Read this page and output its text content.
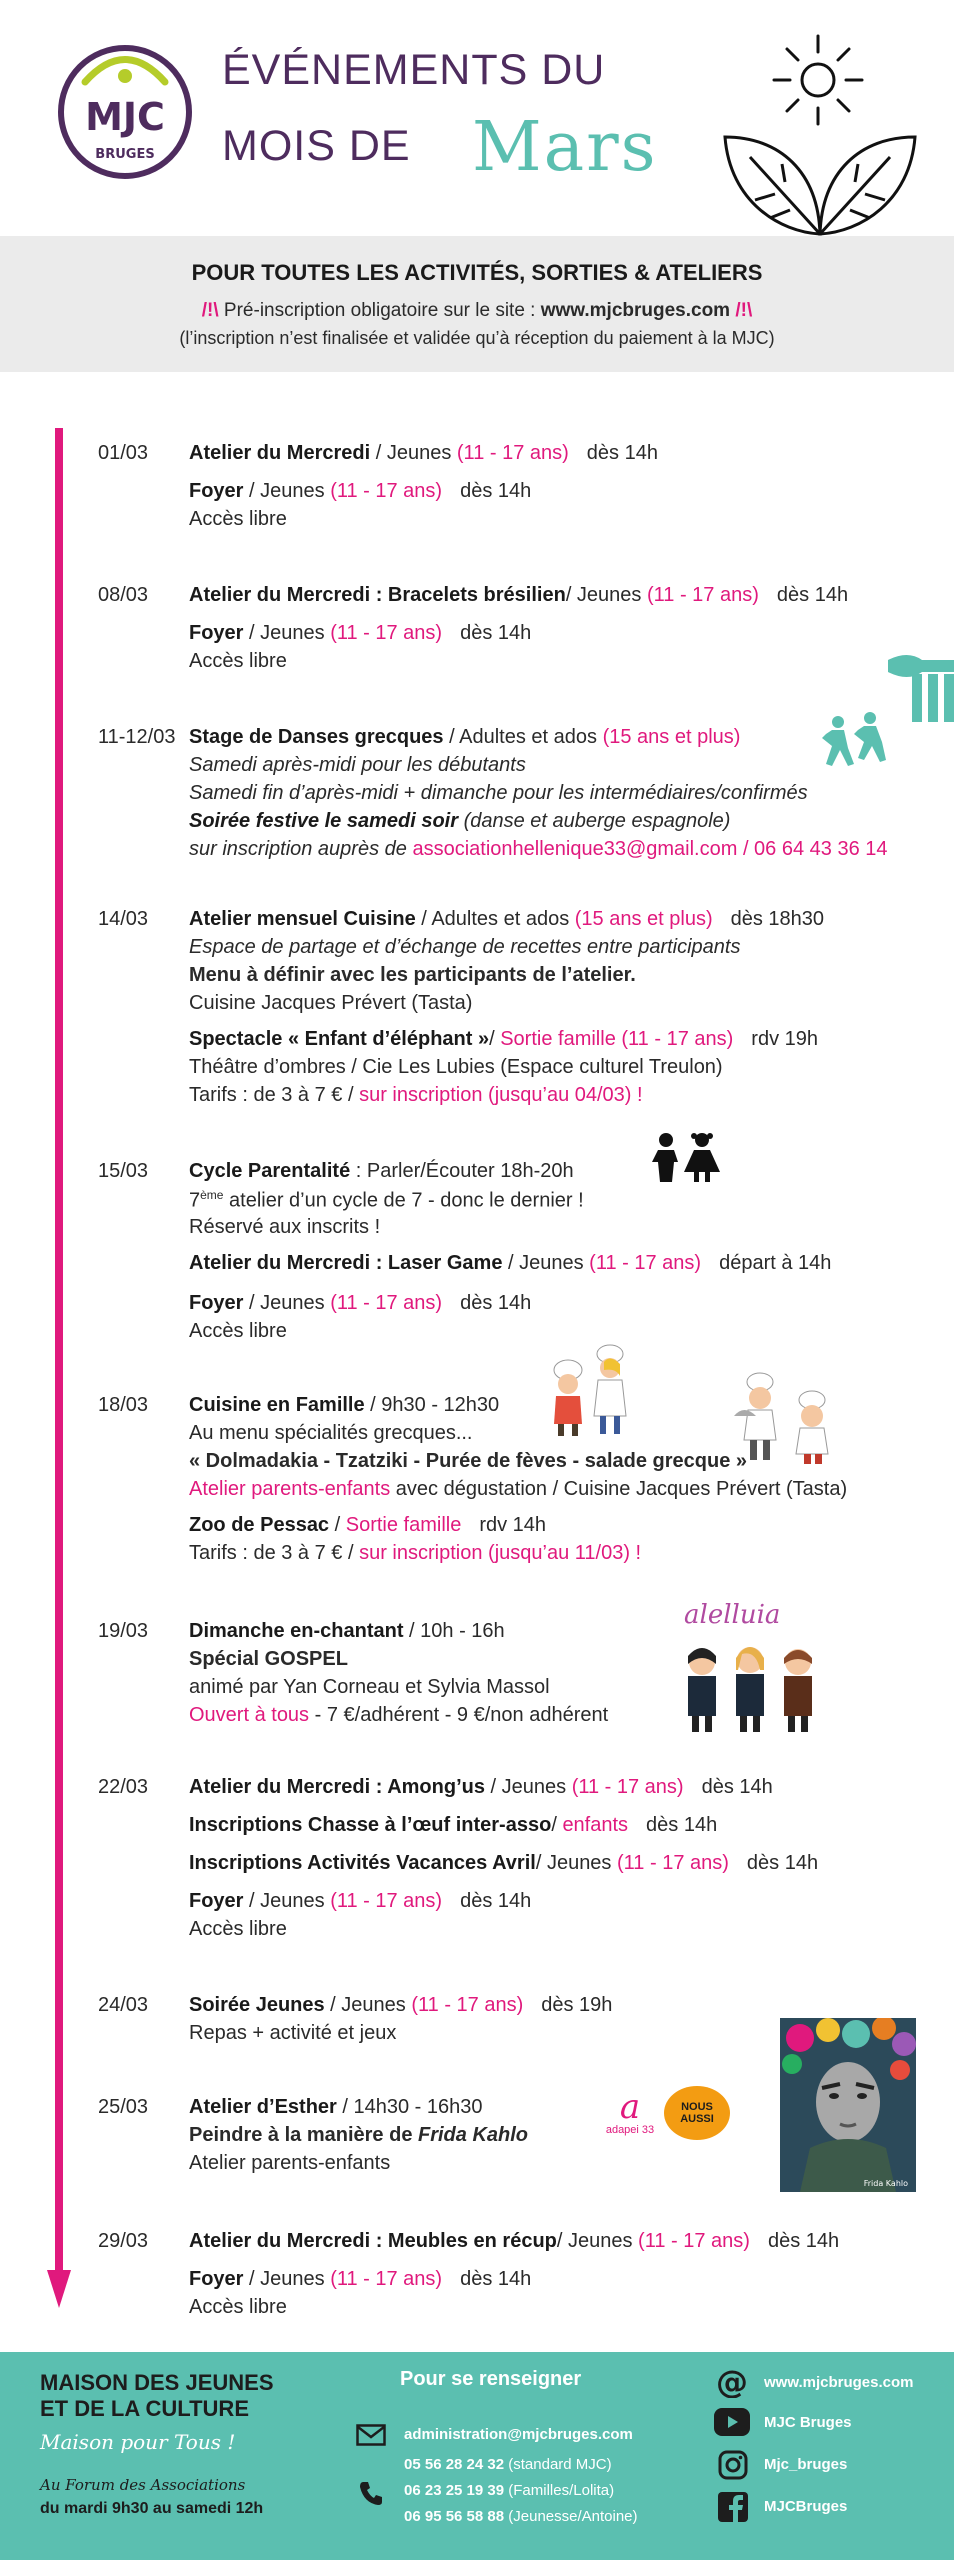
MJC
BRUGES
ÉVÉNEMENTS DU
MOIS DE Mars
POUR TOUTES LES ACTIVITÉS, SORTIES & ATELIERS
/!\ Pré-inscription obligatoire sur le site : www.mjcbruges.com /!\
(l’inscription n’est finalisée et validée qu’à réception du paiement à la MJC)
01/03 Atelier du Mercredi / Jeunes (11 - 17 ans) dès 14h
Foyer / Jeunes (11 - 17 ans) dès 14h
Accès libre
08/03 Atelier du Mercredi : Bracelets brésilien/ Jeunes (11 - 17 ans) dès 14h
Foyer / Jeunes (11 - 17 ans) dès 14h
Accès libre
11-12/03 Stage de Danses grecques / Adultes et ados (15 ans et plus)
Samedi après-midi pour les débutants
Samedi fin d’après-midi + dimanche pour les intermédiaires/confirmés
Soirée festive le samedi soir (danse et auberge espagnole)
sur inscription auprès de associationhellenique33@gmail.com / 06 64 43 36 14
14/03 Atelier mensuel Cuisine / Adultes et ados (15 ans et plus) dès 18h30
Espace de partage et d’échange de recettes entre participants
Menu à définir avec les participants de l’atelier.
Cuisine Jacques Prévert (Tasta)
Spectacle « Enfant d’éléphant »/ Sortie famille (11 - 17 ans) rdv 19h
Théâtre d’ombres / Cie Les Lubies (Espace culturel Treulon)
Tarifs : de 3 à 7 € / sur inscription (jusqu’au 04/03) !
15/03 Cycle Parentalité : Parler/Écouter 18h-20h
7ème atelier d’un cycle de 7 - donc le dernier !
Réservé aux inscrits !
Atelier du Mercredi : Laser Game / Jeunes (11 - 17 ans) départ à 14h
Foyer / Jeunes (11 - 17 ans) dès 14h
Accès libre
18/03 Cuisine en Famille / 9h30 - 12h30
Au menu spécialités grecques...
« Dolmadakia - Tzatziki - Purée de fèves - salade grecque »
Atelier parents-enfants avec dégustation / Cuisine Jacques Prévert (Tasta)
Zoo de Pessac / Sortie famille rdv 14h
Tarifs : de 3 à 7 € / sur inscription (jusqu’au 11/03) !
19/03 Dimanche en-chantant / 10h - 16h
Spécial GOSPEL
animé par Yan Corneau et Sylvia Massol
Ouvert à tous - 7 €/adhérent - 9 €/non adhérent
alelluia
22/03 Atelier du Mercredi : Among’us / Jeunes (11 - 17 ans) dès 14h
Inscriptions Chasse à l’œuf inter-asso/ enfants dès 14h
Inscriptions Activités Vacances Avril/ Jeunes (11 - 17 ans) dès 14h
Foyer / Jeunes (11 - 17 ans) dès 14h
Accès libre
24/03 Soirée Jeunes / Jeunes (11 - 17 ans) dès 19h
Repas + activité et jeux
25/03 Atelier d’Esther / 14h30 - 16h30
Peindre à la manière de Frida Kahlo
Atelier parents-enfants
a
adapei 33
NOUS AUSSI
Frida Kahlo
29/03 Atelier du Mercredi : Meubles en récup/ Jeunes (11 - 17 ans) dès 14h
Foyer / Jeunes (11 - 17 ans) dès 14h
Accès libre
MAISON DES JEUNES
ET DE LA CULTURE
Maison pour Tous !
Au Forum des Associations
du mardi 9h30 au samedi 12h
Pour se renseigner
administration@mjcbruges.com
05 56 28 24 32 (standard MJC)
06 23 25 19 39 (Familles/Lolita)
06 95 56 58 88 (Jeunesse/Antoine)
@ www.mjcbruges.com
MJC Bruges
Mjc_bruges
MJCBruges
